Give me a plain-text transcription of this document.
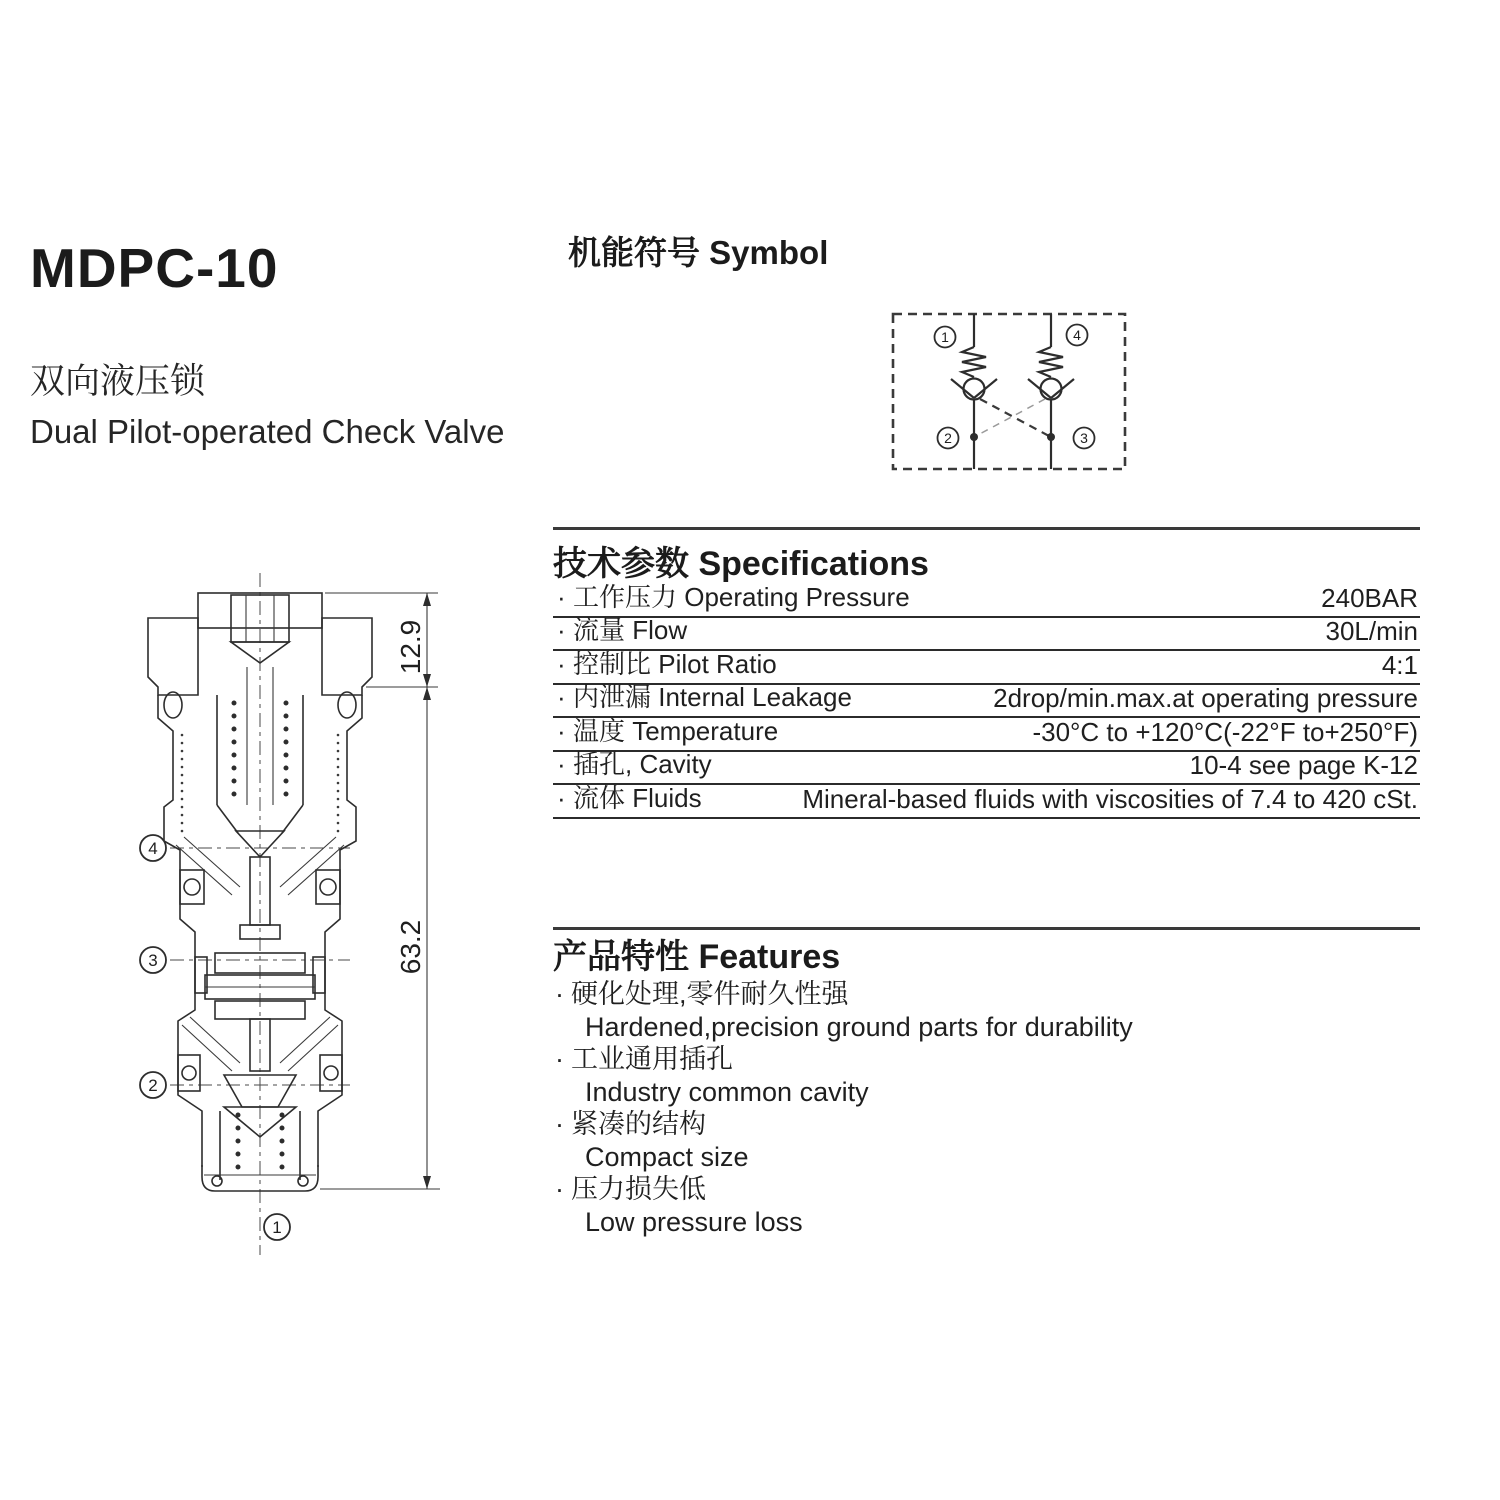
MDPC-10
双向液压锁
Dual Pilot-operated Check Valve
机能符号 Symbol
1	4
2	3
12.9
63.2
4
3
2
1
技术参数 Specifications
· 工作压力 Operating Pressure	240BAR
· 流量 Flow	30L/min
· 控制比 Pilot Ratio	4:1
· 内泄漏 Internal Leakage	2drop/min.max.at operating pressure
· 温度 Temperature	-30°C to +120°C(-22°F to+250°F)
· 插孔, Cavity	10-4 see page K-12
· 流体 Fluids	Mineral-based fluids with viscosities of 7.4 to 420 cSt.
产品特性 Features
· 硬化处理,零件耐久性强
Hardened,precision ground parts for durability
· 工业通用插孔
Industry common cavity
· 紧凑的结构
Compact size
· 压力损失低
Low pressure loss
